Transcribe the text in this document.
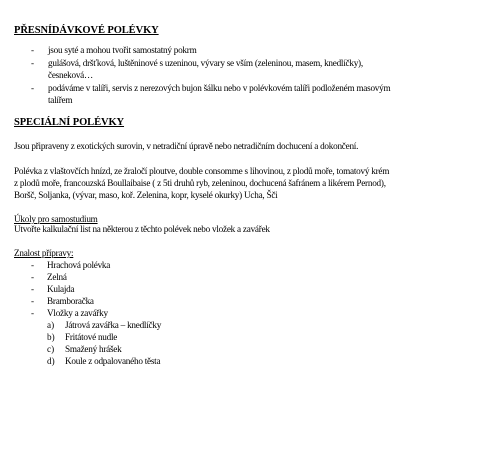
PŘESNÍDÁVKOVÉ POLÉVKY
- jsou syté a mohou tvořit samostatný pokrm
- gulášová, dršťková, luštěninové s uzeninou, vývary se vším (zeleninou, masem, knedlíčky),
česneková…
- podáváme v talíři, servis z nerezových bujon šálku nebo v polévkovém talíři podloženém masovým
talířem
SPECIÁLNÍ POLÉVKY
Jsou připraveny z exotických surovin, v netradiční úpravě nebo netradičním dochucení a dokončení.
Polévka z vlaštovčích hnízd, ze žraločí ploutve, double consomme s lihovinou, z plodů moře, tomatový krém
z plodů moře, francouzská Boullaibaise ( z 5ti druhů ryb, zeleninou, dochucená šafránem a likérem Pernod),
Boršč, Soljanka, (vývar, maso, koř. Zelenina, kopr, kyselé okurky) Ucha, Šči
Úkoly pro samostudium
Utvořte kalkulační list na některou z těchto polévek nebo vložek a zavářek
Znalost přípravy:
- Hrachová polévka
- Zelná
- Kulajda
- Bramboračka
- Vložky a zavářky
a) Játrová zavářka – knedlíčky
b) Fritátové nudle
c) Smažený hrášek
d) Koule z odpalovaného těsta
